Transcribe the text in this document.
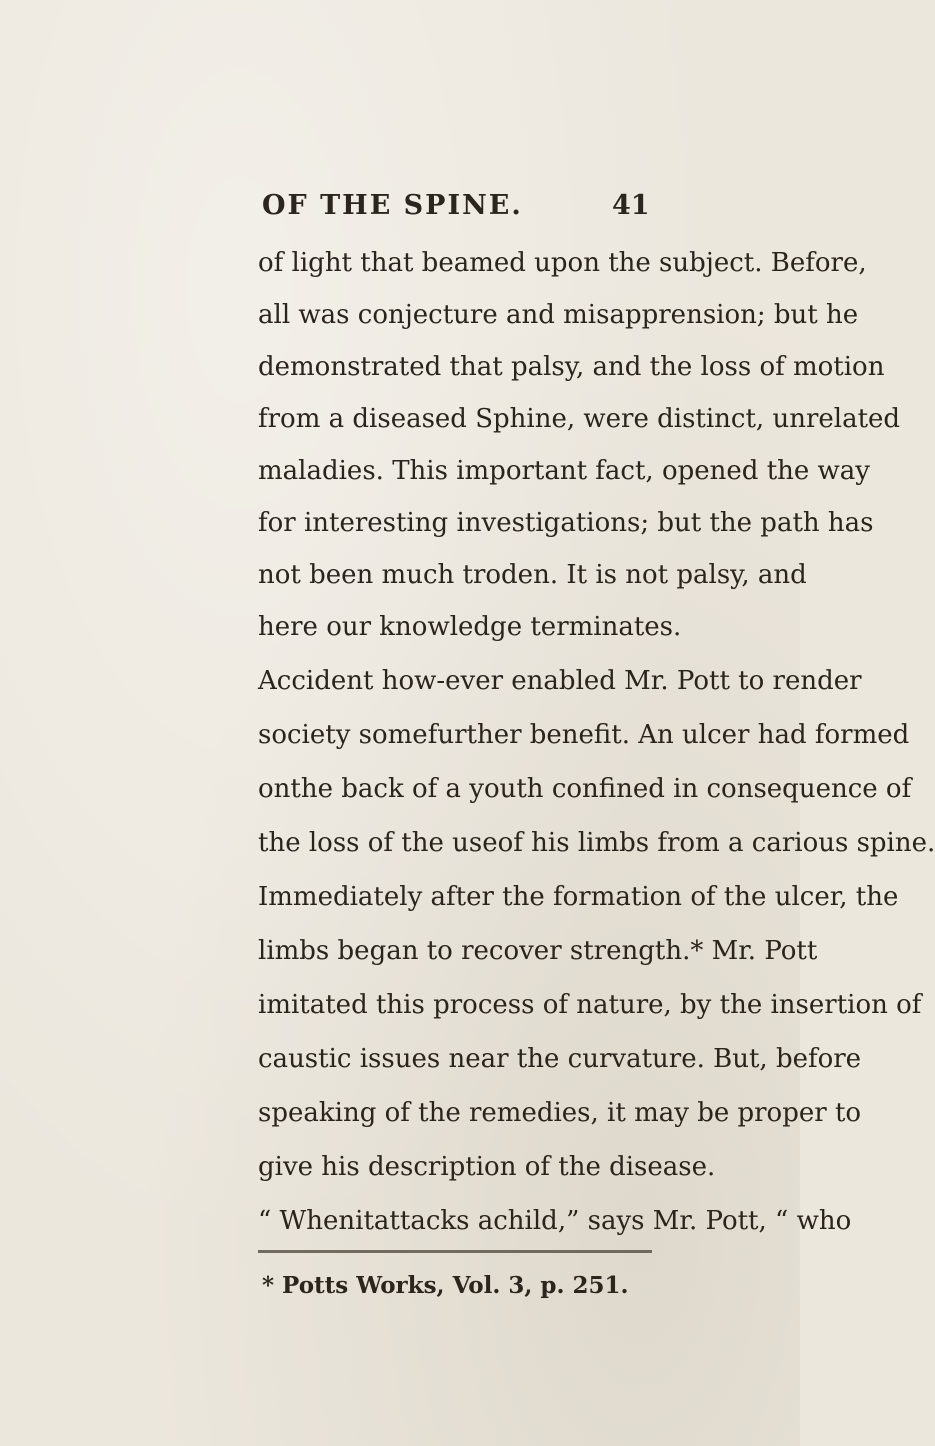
OF THE SPINE.	41
of light that beamed upon the subject. Before,
all was conjecture and misapprension; but he
demonstrated that palsy, and the loss of motion
from a diseased Sphine, were distinct, unrelated
maladies. This important fact, opened the way
for interesting investigations; but the path has
not been much troden. It is not palsy, and
here our knowledge terminates.
Accident how-ever enabled Mr. Pott to render
society somefurther benefit. An ulcer had formed
onthe back of a youth confined in consequence of
the loss of the useof his limbs from a carious spine.
Immediately after the formation of the ulcer, the
limbs began to recover strength.* Mr. Pott
imitated this process of nature, by the insertion of
caustic issues near the curvature. But, before
speaking of the remedies, it may be proper to
give his description of the disease.
“ Whenitattacks achild,” says Mr. Pott, “ who
* Potts Works, Vol. 3, p. 251.
